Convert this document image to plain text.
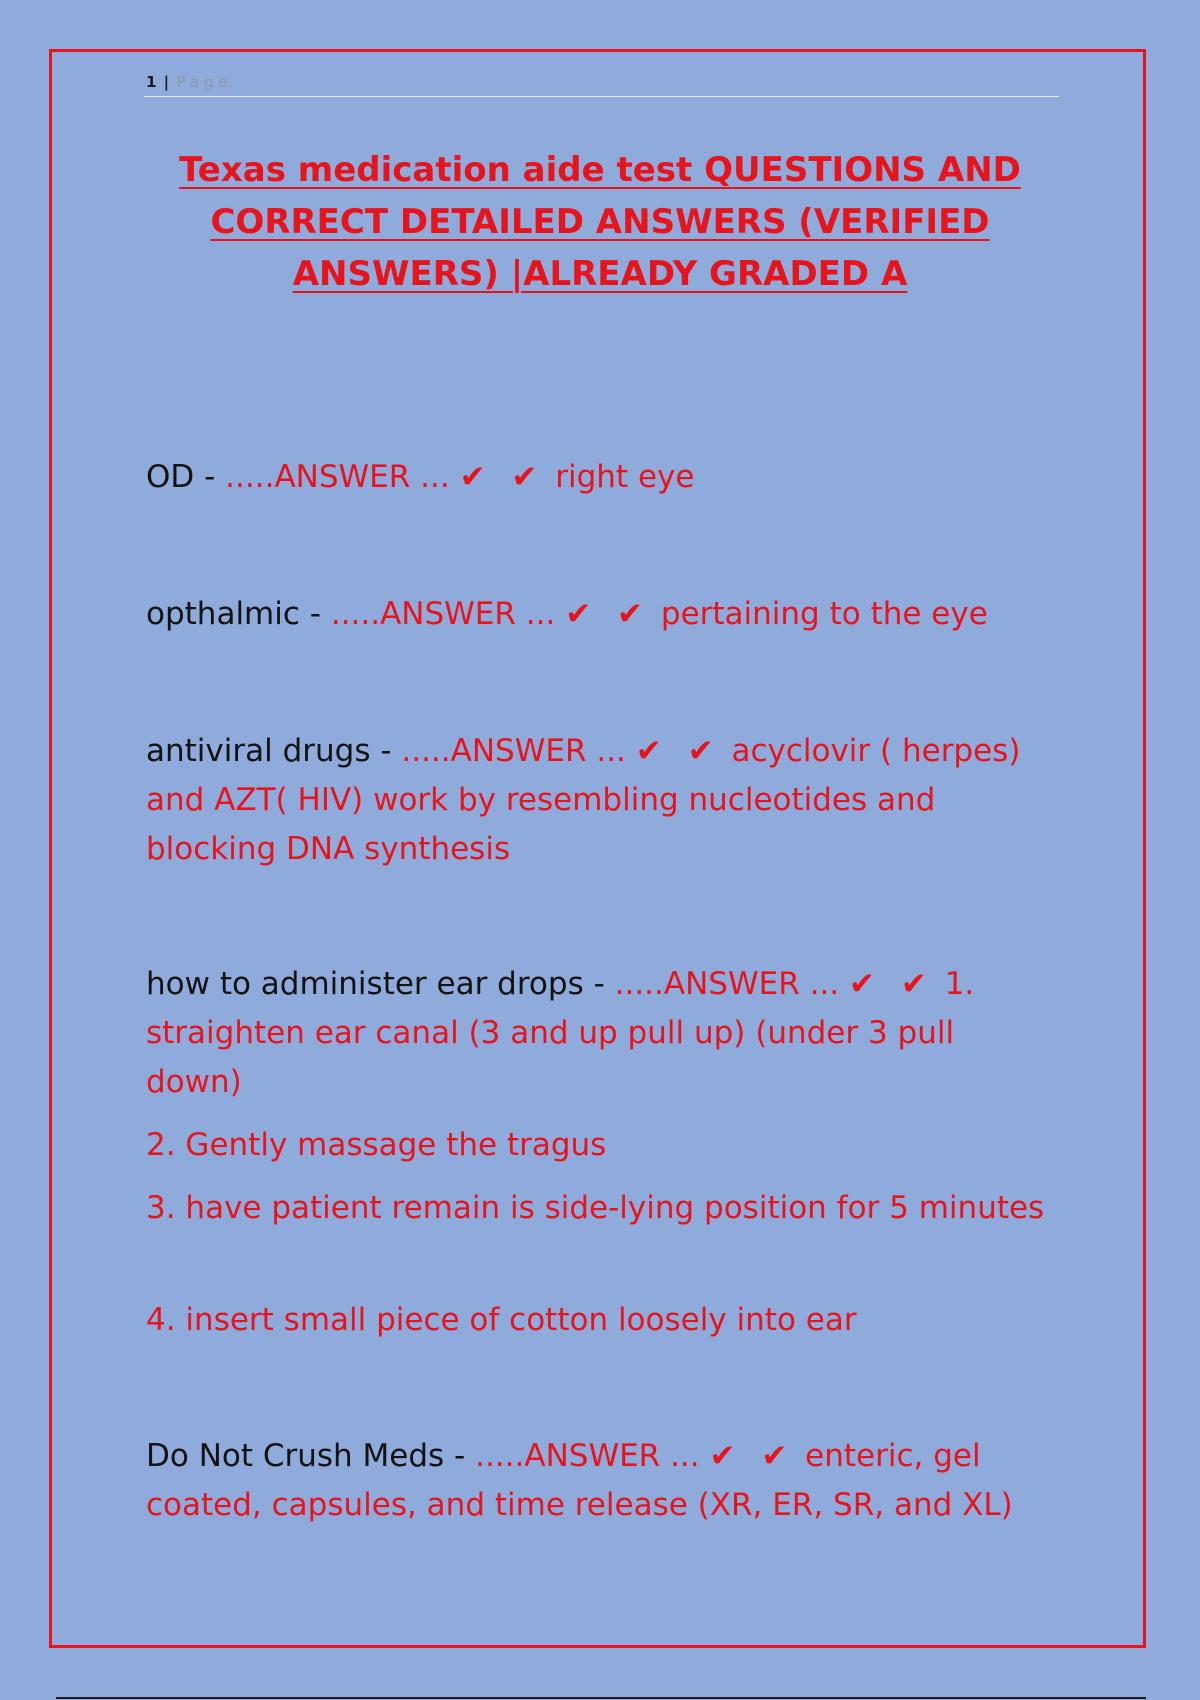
1 | Page
Texas medication aide test QUESTIONS AND CORRECT DETAILED ANSWERS (VERIFIED ANSWERS) |ALREADY GRADED A
OD - .....ANSWER ... ✔ ✔ right eye
opthalmic - .....ANSWER ... ✔ ✔ pertaining to the eye
antiviral drugs - .....ANSWER ... ✔ ✔ acyclovir ( herpes) and AZT( HIV) work by resembling nucleotides and blocking DNA synthesis
how to administer ear drops - .....ANSWER ... ✔ ✔ 1. straighten ear canal (3 and up pull up) (under 3 pull down)
2. Gently massage the tragus
3. have patient remain is side-lying position for 5 minutes
4. insert small piece of cotton loosely into ear
Do Not Crush Meds - .....ANSWER ... ✔ ✔ enteric, gel coated, capsules, and time release (XR, ER, SR, and XL)
